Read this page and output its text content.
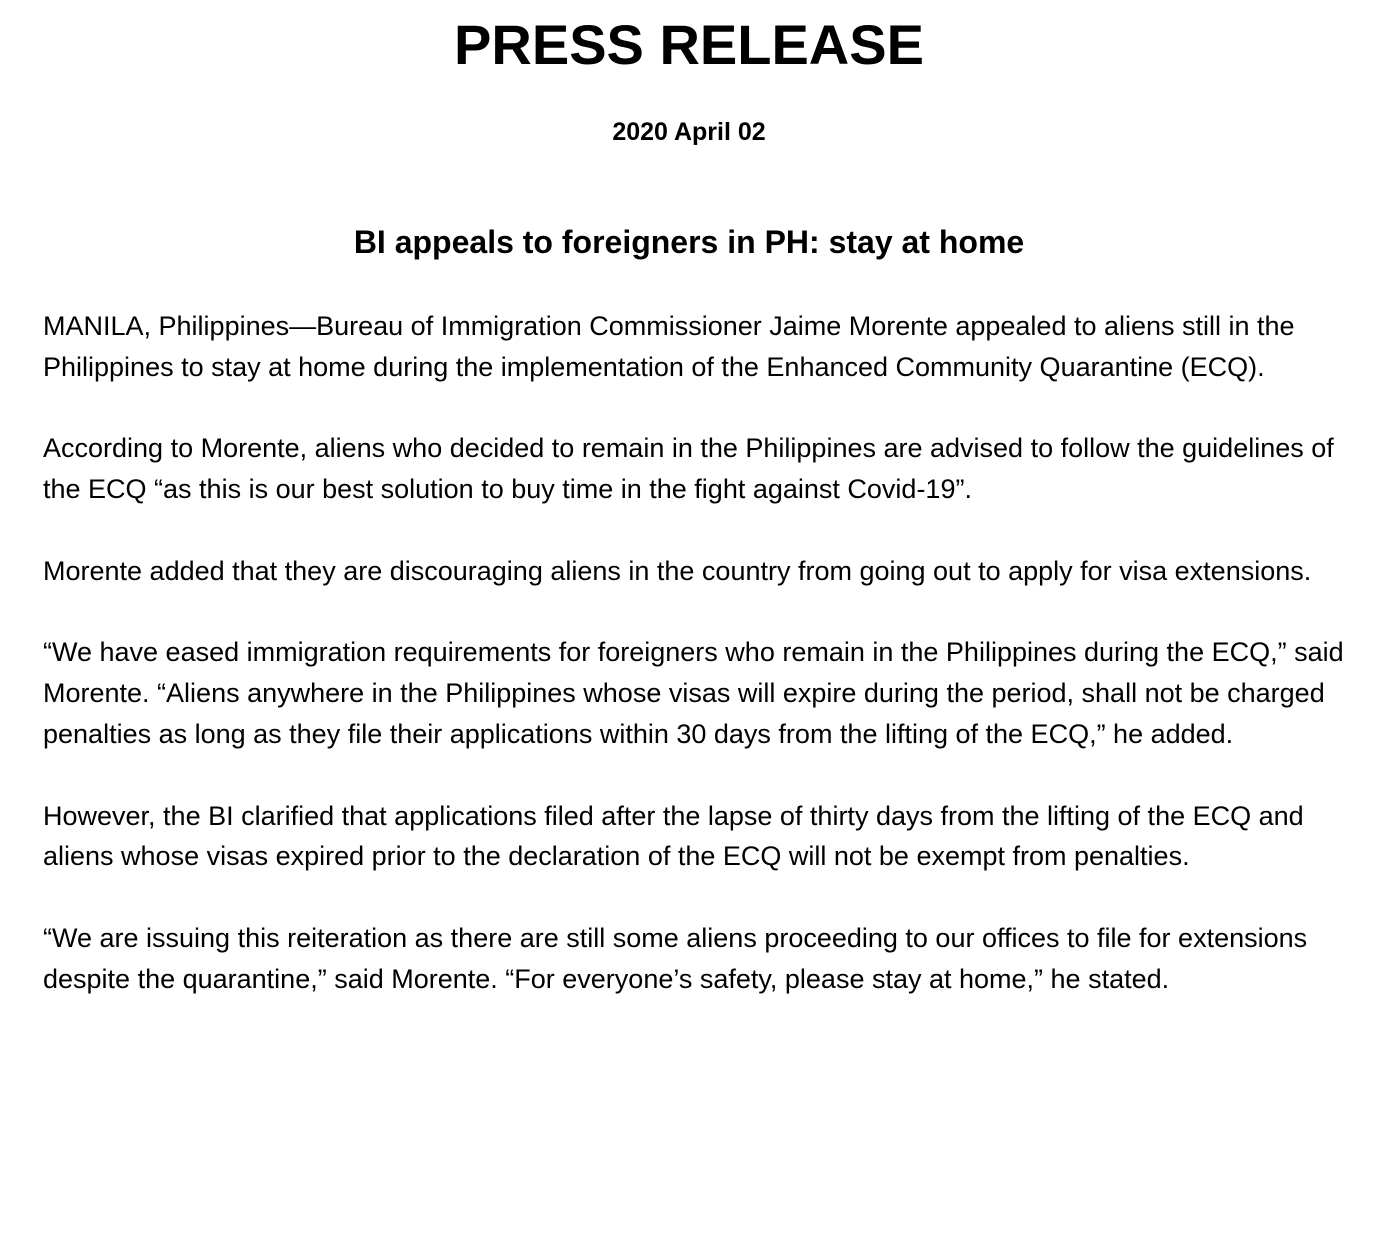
PRESS RELEASE
2020 April 02
BI appeals to foreigners in PH: stay at home

MANILA, Philippines—Bureau of Immigration Commissioner Jaime Morente appealed to aliens still in the Philippines to stay at home during the implementation of the Enhanced Community Quarantine (ECQ).

According to Morente, aliens who decided to remain in the Philippines are advised to follow the guidelines of the ECQ “as this is our best solution to buy time in the fight against Covid-19”.

Morente added that they are discouraging aliens in the country from going out to apply for visa extensions.

“We have eased immigration requirements for foreigners who remain in the Philippines during the ECQ,” said Morente. “Aliens anywhere in the Philippines whose visas will expire during the period, shall not be charged penalties as long as they file their applications within 30 days from the lifting of the ECQ,” he added.

However, the BI clarified that applications filed after the lapse of thirty days from the lifting of the ECQ and aliens whose visas expired prior to the declaration of the ECQ will not be exempt from penalties.

“We are issuing this reiteration as there are still some aliens proceeding to our offices to file for extensions despite the quarantine,” said Morente. “For everyone’s safety, please stay at home,” he stated.
